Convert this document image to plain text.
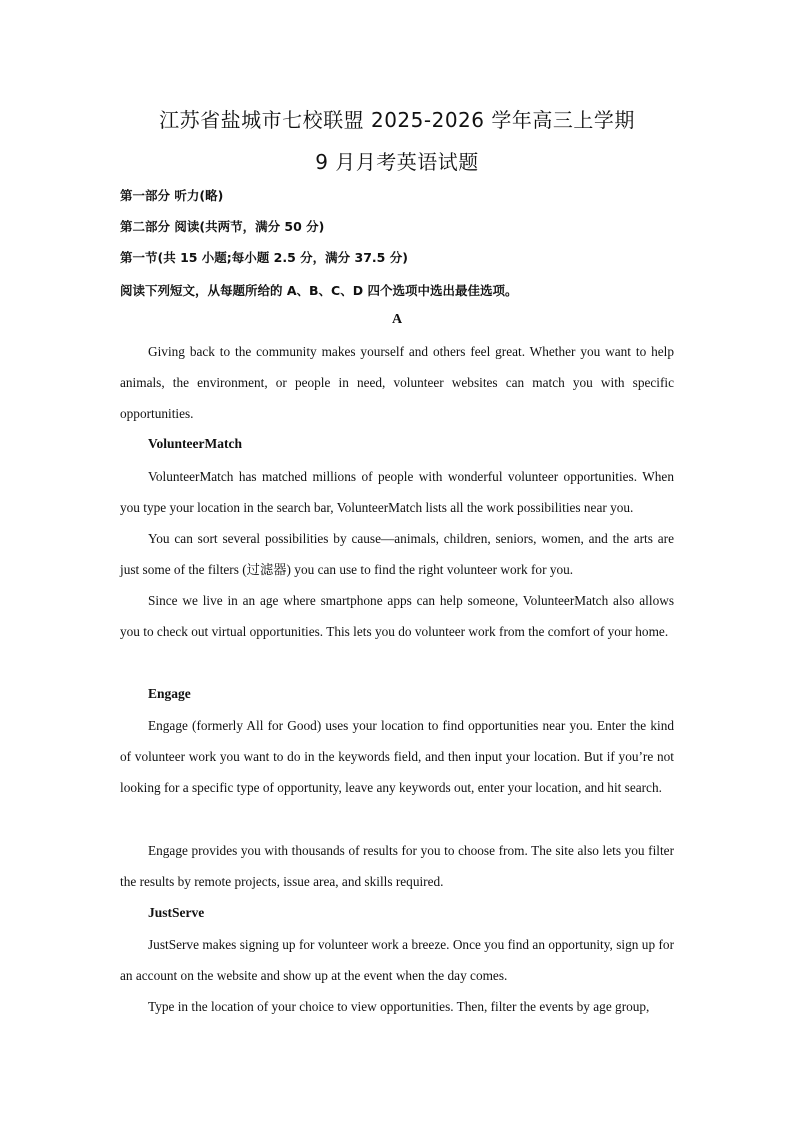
江苏省盐城市七校联盟 2025-2026 学年高三上学期
9 月月考英语试题
第一部分 听力(略)
第二部分 阅读(共两节，满分 50 分)
第一节(共 15 小题;每小题 2.5 分，满分 37.5 分)
阅读下列短文，从每题所给的 A、B、C、D 四个选项中选出最佳选项。
A

Giving back to the community makes yourself and others feel great. Whether you want to help animals, the environment, or people in need, volunteer websites can match you with specific opportunities.

VolunteerMatch

VolunteerMatch has matched millions of people with wonderful volunteer opportunities. When you type your location in the search bar, VolunteerMatch lists all the work possibilities near you.

You can sort several possibilities by cause—animals, children, seniors, women, and the arts are just some of the filters (过滤器) you can use to find the right volunteer work for you.

Since we live in an age where smartphone apps can help someone, VolunteerMatch also allows you to check out virtual opportunities. This lets you do volunteer work from the comfort of your home.

Engage

Engage (formerly All for Good) uses your location to find opportunities near you. Enter the kind of volunteer work you want to do in the keywords field, and then input your location. But if you’re not looking for a specific type of opportunity, leave any keywords out, enter your location, and hit search.

Engage provides you with thousands of results for you to choose from. The site also lets you filter the results by remote projects, issue area, and skills required.

JustServe

JustServe makes signing up for volunteer work a breeze. Once you find an opportunity, sign up for an account on the website and show up at the event when the day comes.

Type in the location of your choice to view opportunities. Then, filter the events by age group,
